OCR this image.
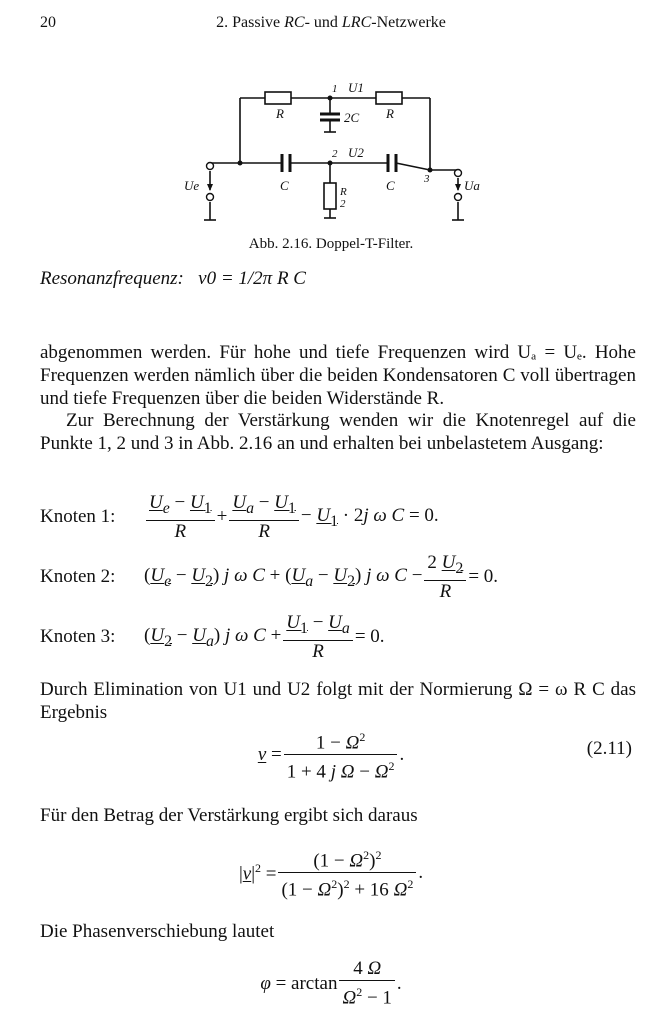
20	2. Passive RC- und LRC-Netzwerke
R	R
1 U1
2C
2 U2
C	C
R
2
3
Ue	Ua
Abb. 2.16. Doppel-T-Filter.
Resonanzfrequenz: ν0 = 1/2π R C
abgenommen werden. Für hohe und tiefe Frequenzen wird Uₐ = Uₑ. Hohe Frequenzen werden nämlich über die beiden Kondensatoren C voll übertragen und tiefe Frequenzen über die beiden Widerstände R.
Zur Berechnung der Verstärkung wenden wir die Knotenregel auf die Punkte 1, 2 und 3 in Abb. 2.16 an und erhalten bei unbelastetem Ausgang:
Knoten 1: $\frac{U_e - U_1}{R} + \frac{U_a - U_1}{R} - U_1 \cdot 2j$ ω C = 0.
Knoten 2: $(U_e - U_2)$ j ω $C + (U_a - U_2)$ j ω $C - \frac{2 U_2}{R} = 0$.
Knoten 3: $(U_2 - U_a)$ j ω $C + \frac{U_1 - U_a}{R} = 0$.
Durch Elimination von U1 und U2 folgt mit der Normierung Ω = ω R C das Ergebnis
$v = \frac{1 - \Omega^2}{1 + 4 j \Omega - \Omega^2}$ .	(2.11)
Für den Betrag der Verstärkung ergibt sich daraus
$|v|^2 = \frac{(1 - \Omega^2)^2}{(1 - \Omega^2)^2 + 16 \Omega^2}$ .
Die Phasenverschiebung lautet
$\varphi = \arctan \frac{4 \Omega}{\Omega^2 - 1}$ .
